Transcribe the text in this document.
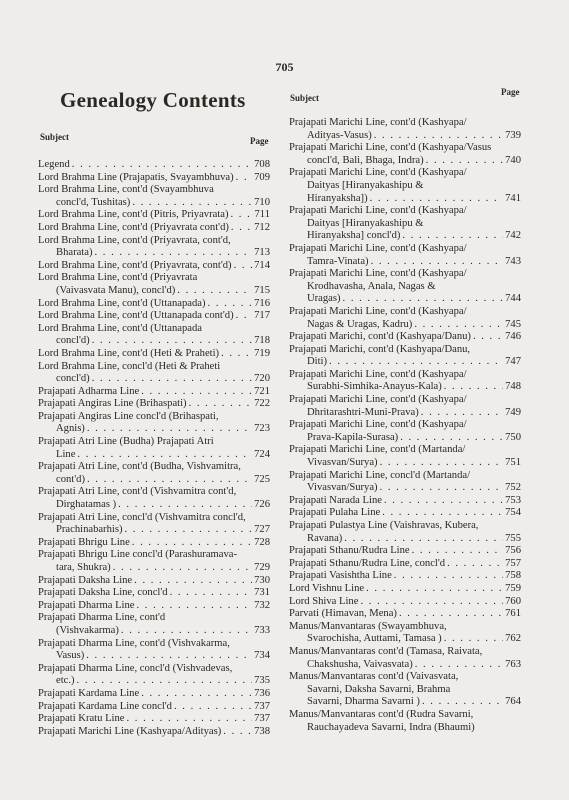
705
Genealogy Contents
Subject	Page
Subject
Page
Legend . . .	708
Lord Brahma Line (Prajapatis, Svayambhuva) . . . 709
Lord Brahma Line, cont'd (Svayambhuva
concl'd, Tushitas) . . .	710
Lord Brahma Line, cont'd (Pitris, Priyavrata) . . . 711
Lord Brahma Line, cont'd (Priyavrata cont'd) . . . 712
Lord Brahma Line, cont'd (Priyavrata, cont'd,
Bharata) . . .	713
Lord Brahma Line, cont'd (Priyavrata, cont'd) . . . 714
Lord Brahma Line, cont'd (Priyavrata
(Vaivasvata Manu), concl'd) . . .	715
Lord Brahma Line, cont'd (Uttanapada) . . .	716
Lord Brahma Line, cont'd (Uttanapada cont'd) . . . 717
Lord Brahma Line, cont'd (Uttanapada
concl'd) . . .	718
Lord Brahma Line, cont'd (Heti & Praheti) . . .	719
Lord Brahma Line, concl'd (Heti & Praheti
concl'd) . . .	720
Prajapati Adharma Line . . .	721
Prajapati Angiras Line (Brihaspati) . . .	722
Prajapati Angiras Line concl'd (Brihaspati,
Agnis) . . .	723
Prajapati Atri Line (Budha) Prajapati Atri
Line . . .	724
Prajapati Atri Line, cont'd (Budha, Vishvamitra,
cont'd) . . .	725
Prajapati Atri Line, cont'd (Vishvamitra cont'd,
Dirghatamas ) . . .	726
Prajapati Atri Line, concl'd (Vishvamitra concl'd,
Prachinabarhis) . . .	727
Prajapati Bhrigu Line . . .	728
Prajapati Bhrigu Line concl'd (Parashuramava-
tara, Shukra) . . .	729
Prajapati Daksha Line . . .	730
Prajapati Daksha Line, concl'd . . .	731
Prajapati Dharma Line . . .	732
Prajapati Dharma Line, cont'd
(Vishvakarma) . . .	733
Prajapati Dharma Line, cont'd (Vishvakarma,
Vasus) . . .	734
Prajapati Dharma Line, concl'd (Vishvadevas,
etc.) . . .	735
Prajapati Kardama Line . . .	736
Prajapati Kardama Line concl'd . . .	737
Prajapati Kratu Line . . .	737
Prajapati Marichi Line (Kashyapa/Adityas) . . .	738
Prajapati Marichi Line, cont'd (Kashyapa/
Adityas-Vasus) . . .	739
Prajapati Marichi Line, cont'd (Kashyapa/Vasus
concl'd, Bali, Bhaga, Indra) . . .	740
Prajapati Marichi Line, cont'd (Kashyapa/
Daityas [Hiranyakashipu &
Hiranyaksha]) . . .	741
Prajapati Marichi Line, cont'd (Kashyapa/
Daityas [Hiranyakashipu &
Hiranyaksha] concl'd) . . .	742
Prajapati Marichi Line, cont'd (Kashyapa/
Tamra-Vinata) . . .	743
Prajapati Marichi Line, cont'd (Kashyapa/
Krodhavasha, Anala, Nagas &
Uragas) . . .	744
Prajapati Marichi Line, cont'd (Kashyapa/
Nagas & Uragas, Kadru) . . .	745
Prajapati Marichi, cont'd (Kashyapa/Danu) . . .	746
Prajapati Marichi, cont'd (Kashyapa/Danu,
Diti) . . .	747
Prajapati Marichi Line, cont'd (Kashyapa/
Surabhi-Simhika-Anayus-Kala) . . .	748
Prajapati Marichi Line, cont'd (Kashyapa/
Dhritarashtri-Muni-Prava) . . .	749
Prajapati Marichi Line, cont'd (Kashyapa/
Prava-Kapila-Surasa) . . .	750
Prajapati Marichi Line, cont'd (Martanda/
Vivasvan/Surya) . . .	751
Prajapati Marichi Line, concl'd (Martanda/
Vivasvan/Surya) . . .	752
Prajapati Narada Line . . .	753
Prajapati Pulaha Line . . .	754
Prajapati Pulastya Line (Vaishravas, Kubera,
Ravana) . . .	755
Prajapati Sthanu/Rudra Line . . .	756
Prajapati Sthanu/Rudra Line, concl'd . . .	757
Prajapati Vasishtha Line . . .	758
Lord Vishnu Line . . .	759
Lord Shiva Line . . .	760
Parvati (Himavan, Mena) . . .	761
Manus/Manvantaras (Swayambhuva,
Svarochisha, Auttami, Tamasa ) . . .	762
Manus/Manvantaras cont'd (Tamasa, Raivata,
Chakshusha, Vaivasvata) . . .	763
Manus/Manvantaras cont'd (Vaivasvata,
Savarni, Daksha Savarni, Brahma
Savarni, Dharma Savarni ) . . .	764
Manus/Manvantaras cont'd (Rudra Savarni,
Rauchayadeva Savarni, Indra (Bhaumi)
